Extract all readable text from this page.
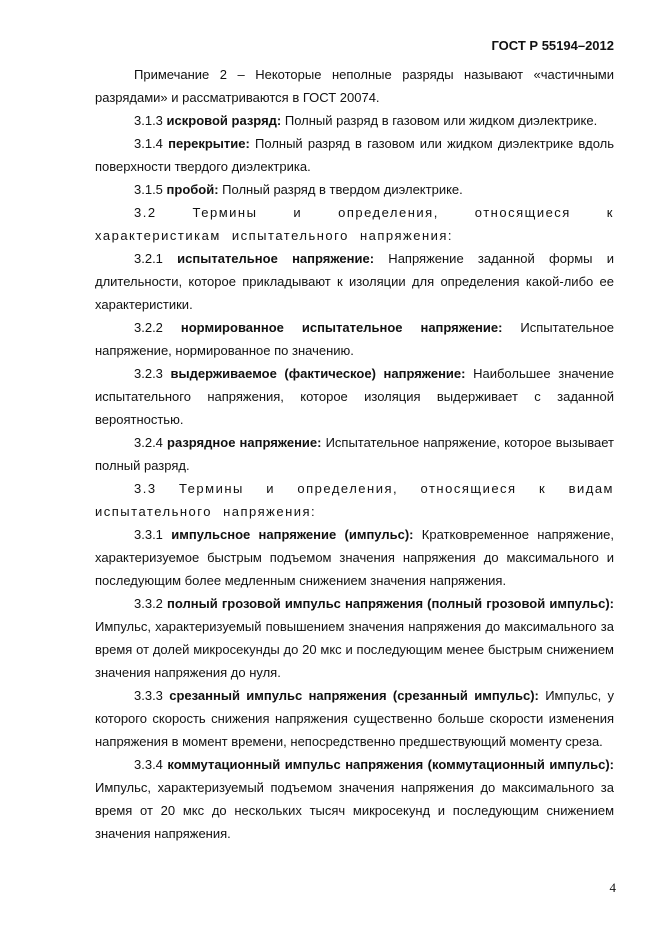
ГОСТ Р 55194–2012

Примечание 2 – Некоторые неполные разряды называют «частичными разрядами» и рассматриваются в ГОСТ 20074.

3.1.3 искровой разряд: Полный разряд в газовом или жидком диэлектрике.

3.1.4 перекрытие: Полный разряд в газовом или жидком диэлектрике вдоль поверхности твердого диэлектрика.

3.1.5 пробой: Полный разряд в твердом диэлектрике.

3.2 Термины и определения, относящиеся к характеристикам испытательного напряжения:

3.2.1 испытательное напряжение: Напряжение заданной формы и длительности, которое прикладывают к изоляции для определения какой-либо ее характеристики.

3.2.2 нормированное испытательное напряжение: Испытательное напряжение, нормированное по значению.

3.2.3 выдерживаемое (фактическое) напряжение: Наибольшее значение испытательного напряжения, которое изоляция выдерживает с заданной вероятностью.

3.2.4 разрядное напряжение: Испытательное напряжение, которое вызывает полный разряд.

3.3 Термины и определения, относящиеся к видам испытательного напряжения:

3.3.1 импульсное напряжение (импульс): Кратковременное напряжение, характеризуемое быстрым подъемом значения напряжения до максимального и последующим более медленным снижением значения напряжения.

3.3.2 полный грозовой импульс напряжения (полный грозовой импульс): Импульс, характеризуемый повышением значения напряжения до максимального за время от долей микросекунды до 20 мкс и последующим менее быстрым снижением значения напряжения до нуля.

3.3.3 срезанный импульс напряжения (срезанный импульс): Импульс, у которого скорость снижения напряжения существенно больше скорости изменения напряжения в момент времени, непосредственно предшествующий моменту среза.

3.3.4 коммутационный импульс напряжения (коммутационный импульс): Импульс, характеризуемый подъемом значения напряжения до максимального за время от 20 мкс до нескольких тысяч микросекунд и последующим снижением значения напряжения.

4
